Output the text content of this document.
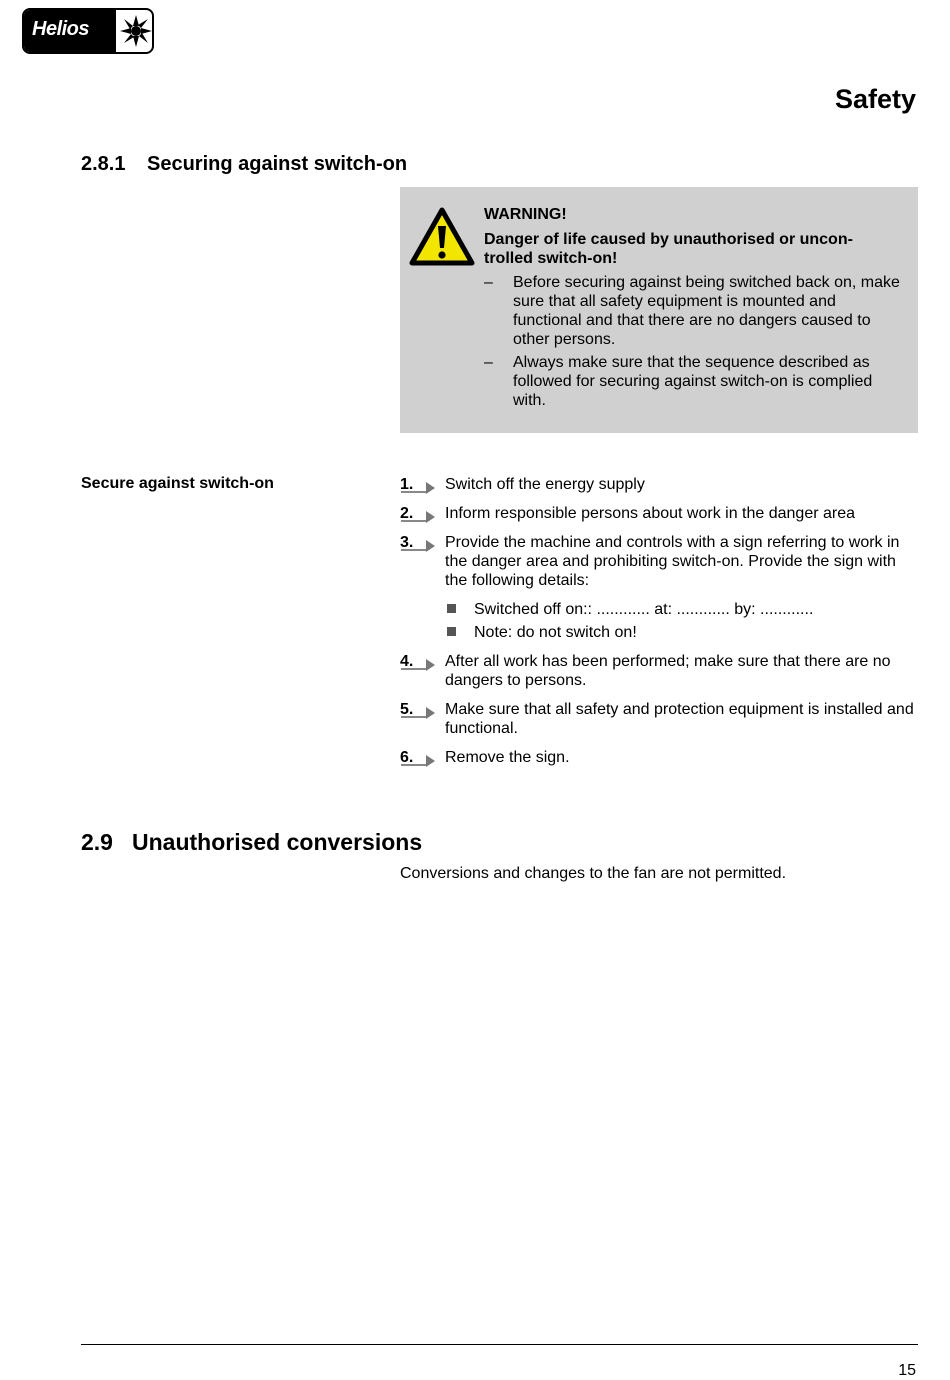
Helios
Safety
2.8.1 Securing against switch-on
WARNING!
Danger of life caused by unauthorised or uncon-
trolled switch-on!
– Before securing against being switched back on, make sure that all safety equipment is mounted and functional and that there are no dangers caused to other persons.
– Always make sure that the sequence described as followed for securing against switch-on is complied with.
Secure against switch-on	1. Switch off the energy supply
2. Inform responsible persons about work in the danger area
3. Provide the machine and controls with a sign referring to work in the danger area and prohibiting switch-on. Provide the sign with the following details:
Switched off on:: ............ at: ............ by: ............
Note: do not switch on!
4. After all work has been performed; make sure that there are no dangers to persons.
5. Make sure that all safety and protection equipment is installed and functional.
6. Remove the sign.
2.9 Unauthorised conversions
Conversions and changes to the fan are not permitted.
15
